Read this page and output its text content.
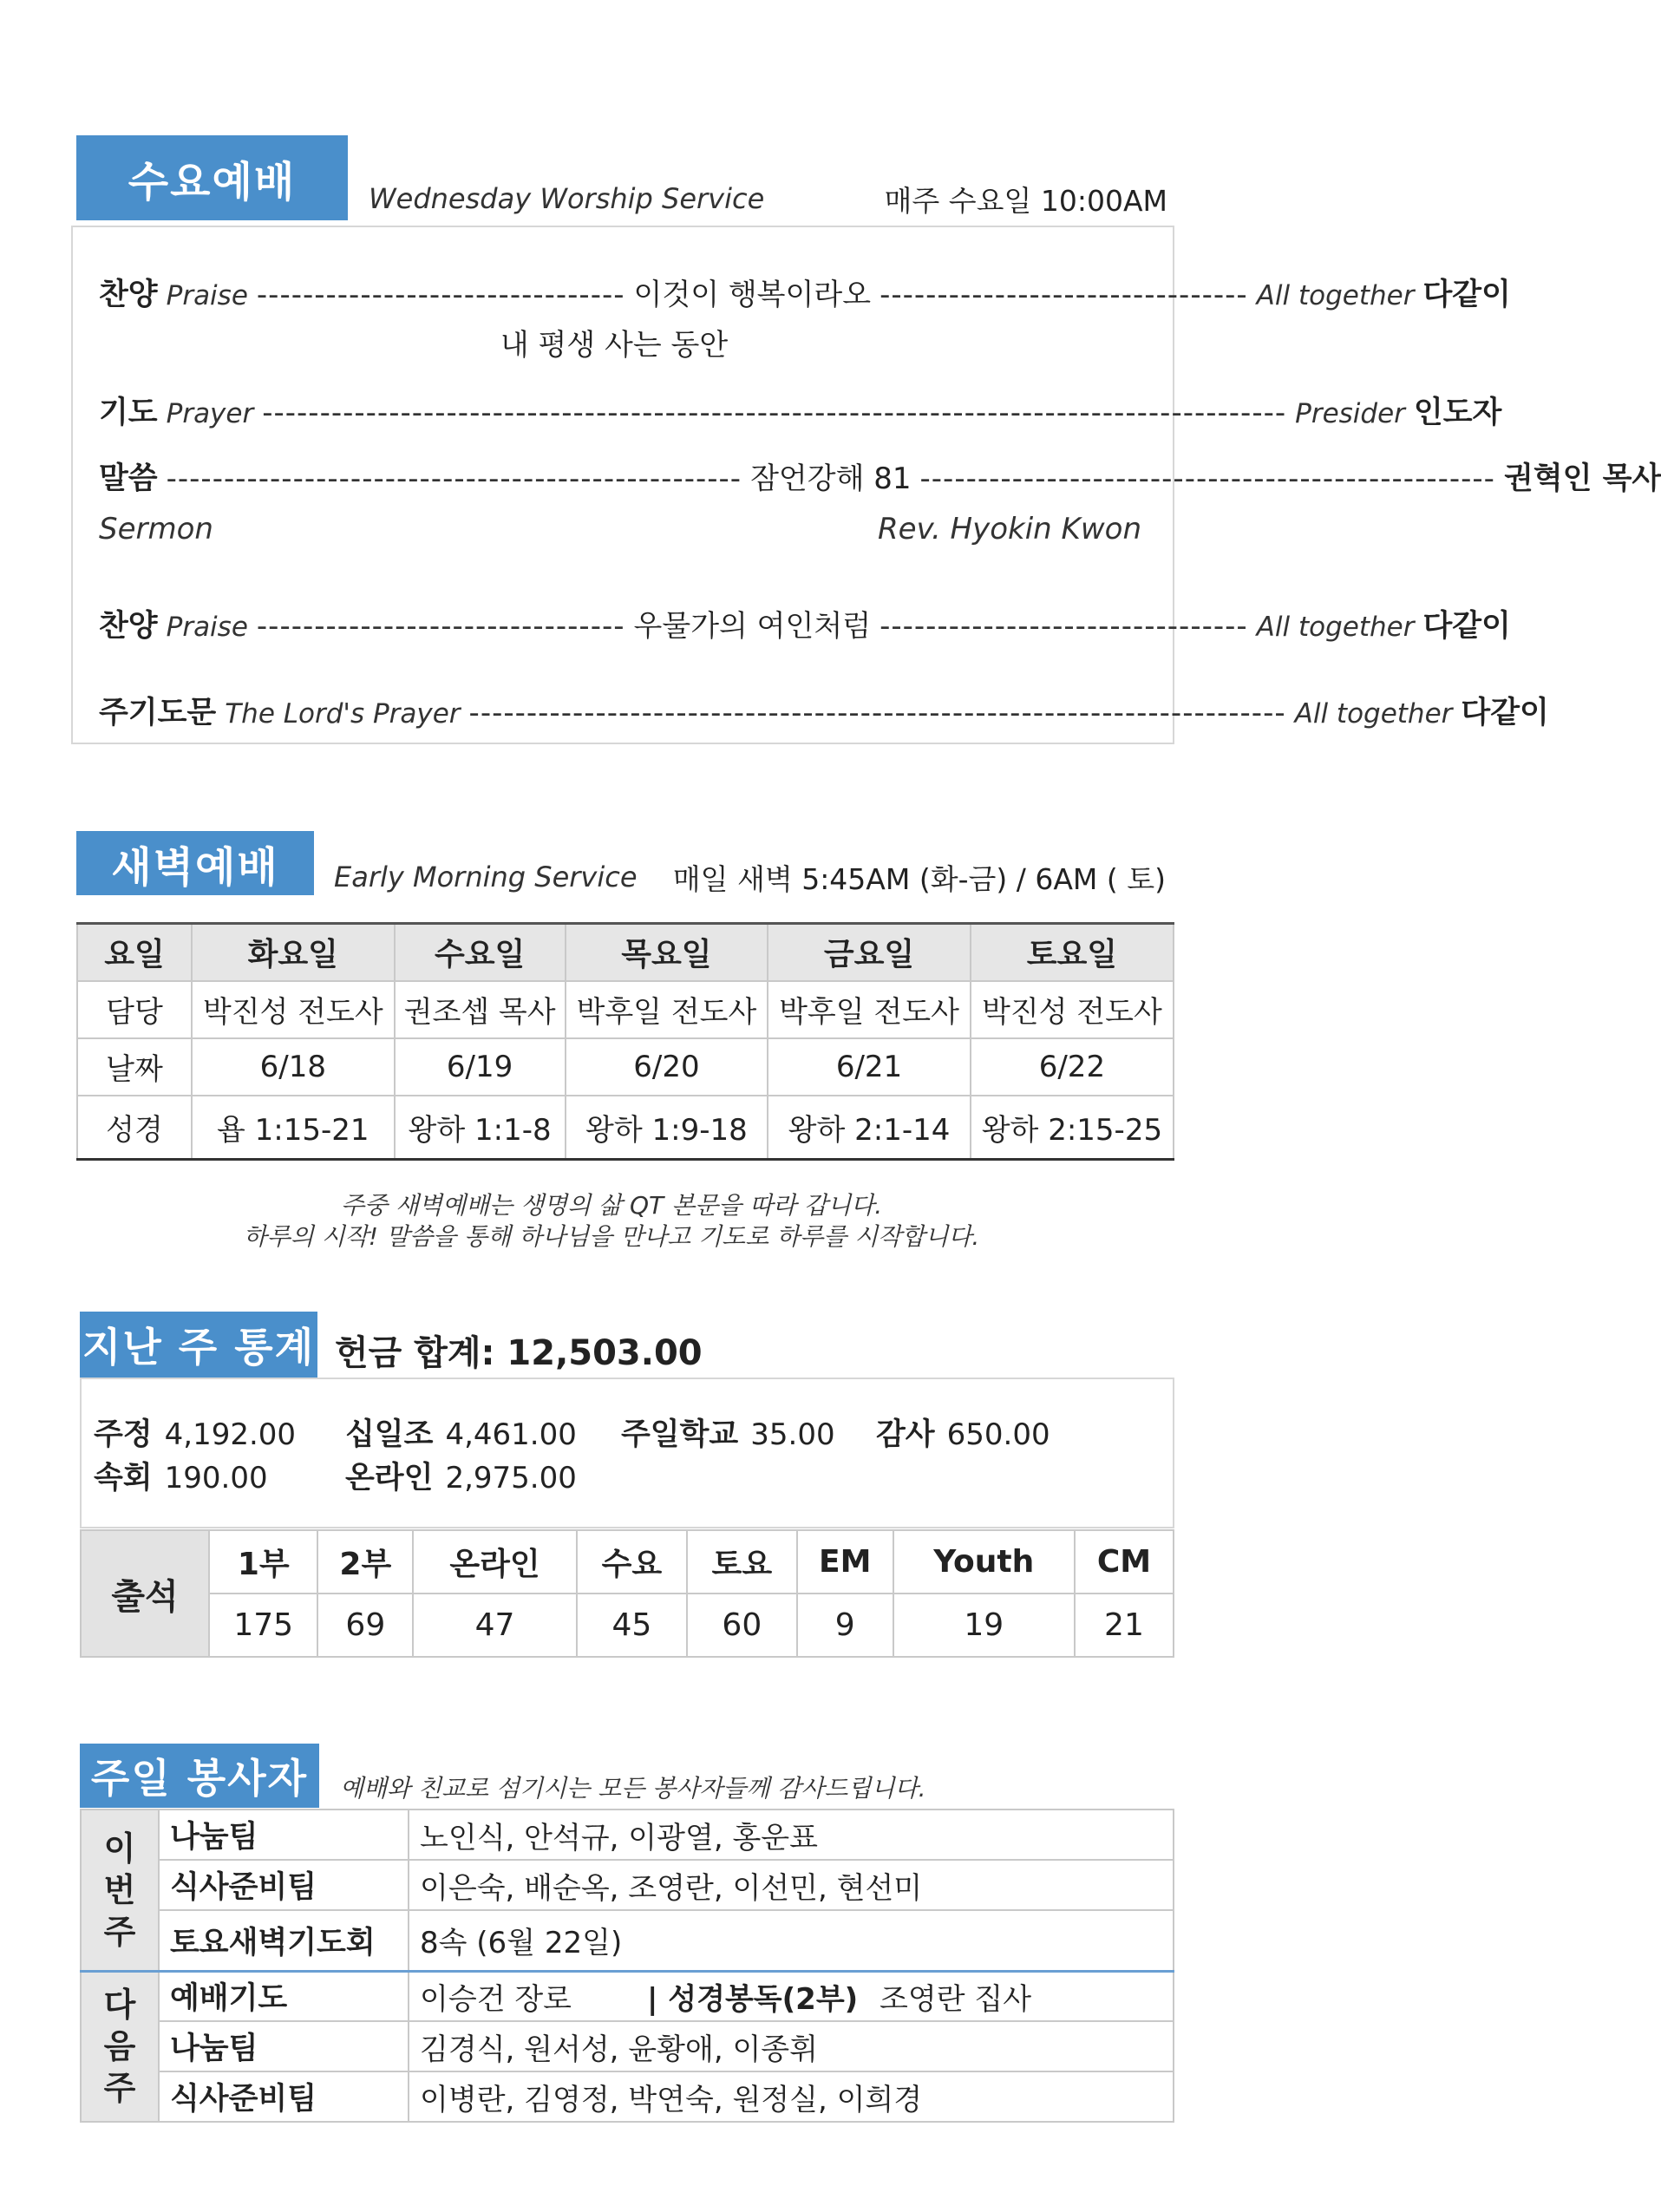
수요예배	Wednesday Worship Service	매주 수요일 10:00AM
찬양 Praise -------------------------------- 이것이 행복이라오 -------------------------------- All together 다같이
내 평생 사는 동안
기도 Prayer ----------------------------------------------------------------------------------------- Presider 인도자
말씀 -------------------------------------------------- 잠언강해 81 -------------------------------------------------- 권혁인 목사
Sermon	Rev. Hyokin Kwon
찬양 Praise -------------------------------- 우물가의 여인처럼 -------------------------------- All together 다같이
주기도문 The Lord's Prayer ----------------------------------------------------------------------- All together 다같이
새벽예배	Early Morning Service 매일 새벽 5:45AM (화-금) / 6AM ( 토)
요일	화요일	수요일	목요일	금요일	토요일
담당	박진성 전도사	권조셉 목사	박후일 전도사	박후일 전도사	박진성 전도사
날짜	6/18	6/19	6/20	6/21	6/22
성경	욥 1:15-21	왕하 1:1-8	왕하 1:9-18	왕하 2:1-14	왕하 2:15-25
주중 새벽예배는 생명의 삶 QT 본문을 따라 갑니다.
하루의 시작! 말씀을 통해 하나님을 만나고 기도로 하루를 시작합니다.
지난 주 통계 헌금 합계: 12,503.00
주정 4,192.00 십일조 4,461.00 주일학교 35.00 감사 650.00
속회 190.00	온라인 2,975.00
출석	1부	2부	온라인	수요	토요	EM	Youth	CM
	175	69	47	45	60	9	19	21
주일 봉사자	예배와 친교로 섬기시는 모든 봉사자들께 감사드립니다.
이
번
주	나눔팀	노인식, 안석규, 이광열, 홍운표
	식사준비팀	이은숙, 배순옥, 조영란, 이선민, 현선미
	토요새벽기도회	8속 (6월 22일)

다
음
주	예배기도	이승건 장로 | 성경봉독(2부) 조영란 집사
	나눔팀	김경식, 원서성, 윤황애, 이종휘
	식사준비팀	이병란, 김영정, 박연숙, 원정실, 이희경
